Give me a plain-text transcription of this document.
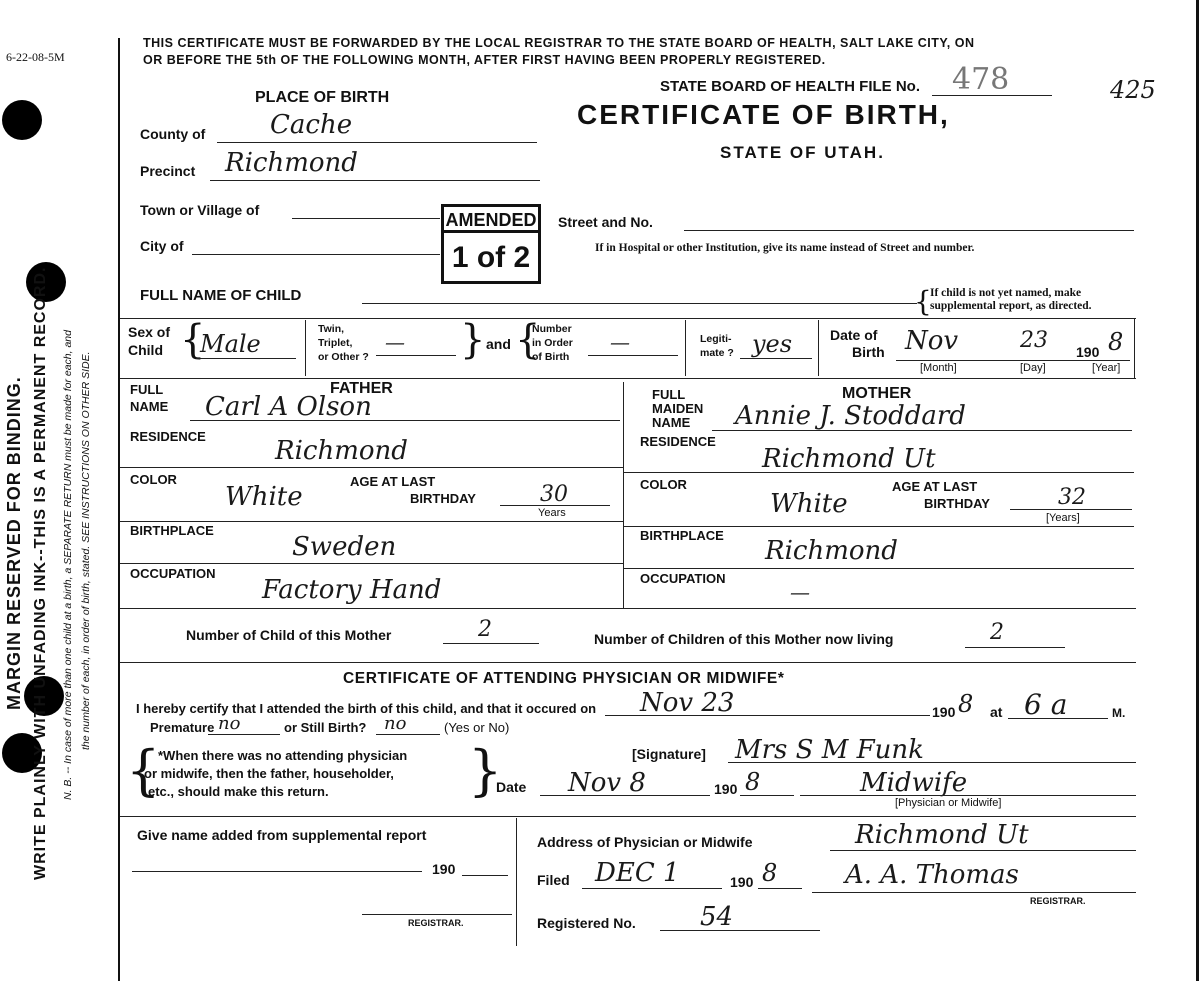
6-22-08-5M
MARGIN RESERVED FOR BINDING. WRITE PLAINLY WITH UNFADING INK--THIS IS A PERMANENT RECORD. N. B. -- In case of more than one child at a birth, a SEPARATE RETURN must be made for each, and the number of each, in order of birth, stated. SEE INSTRUCTIONS ON OTHER SIDE.
THIS CERTIFICATE MUST BE FORWARDED BY THE LOCAL REGISTRAR TO THE STATE BOARD OF HEALTH, SALT LAKE CITY, ON
OR BEFORE THE 5th OF THE FOLLOWING MONTH, AFTER FIRST HAVING BEEN PROPERLY REGISTERED.
STATE BOARD OF HEALTH FILE No. 478	425
CERTIFICATE OF BIRTH,
STATE OF UTAH.
PLACE OF BIRTH
County of Cache
Precinct Richmond
Town or Village of
City of
Street and No.
If in Hospital or other Institution, give its name instead of Street and number.
AMENDED
1 of 2
FULL NAME OF CHILD	{
If child is not yet named, make
supplemental report, as directed.
Sex of
Child {
Male
Twin,
Triplet,
or Other ?
— } and {
Number
in Order
of Birth
—	Legiti-
mate ? yes	Date of
Birth Nov	23 190 8
[Month]	[Day]	[Year]
FULL	FATHER
NAME Carl A Olson
RESIDENCE	Richmond
COLOR
White
AGE AT LAST
BIRTHDAY	30
Years
BIRTHPLACE
Sweden
OCCUPATION
Factory Hand
FULL	MOTHER
MAIDEN
NAME Annie J. Stoddard
RESIDENCE
Richmond Ut
COLOR
White
AGE AT LAST
BIRTHDAY	32
[Years]
BIRTHPLACE
Richmond
OCCUPATION
—
Number of Child of this Mother	2	Number of Children of this Mother now living	2
CERTIFICATE OF ATTENDING PHYSICIAN OR MIDWIFE*
I hereby certify that I attended the birth of this child, and that it occured on Nov 23	190 8 at 6 a	M.
Premature no	or Still Birth? no	(Yes or No)
{
*When there was no attending physician
or midwife, then the father, householder,
etc., should make this return.	}	[Signature] Mrs S M Funk
Date Nov 8	190 8	Midwife
[Physician or Midwife]
Give name added from supplemental report
190
REGISTRAR.
Address of Physician or Midwife	Richmond Ut
Filed DEC 1	190 8	A. A. Thomas
REGISTRAR.
Registered No. 54
